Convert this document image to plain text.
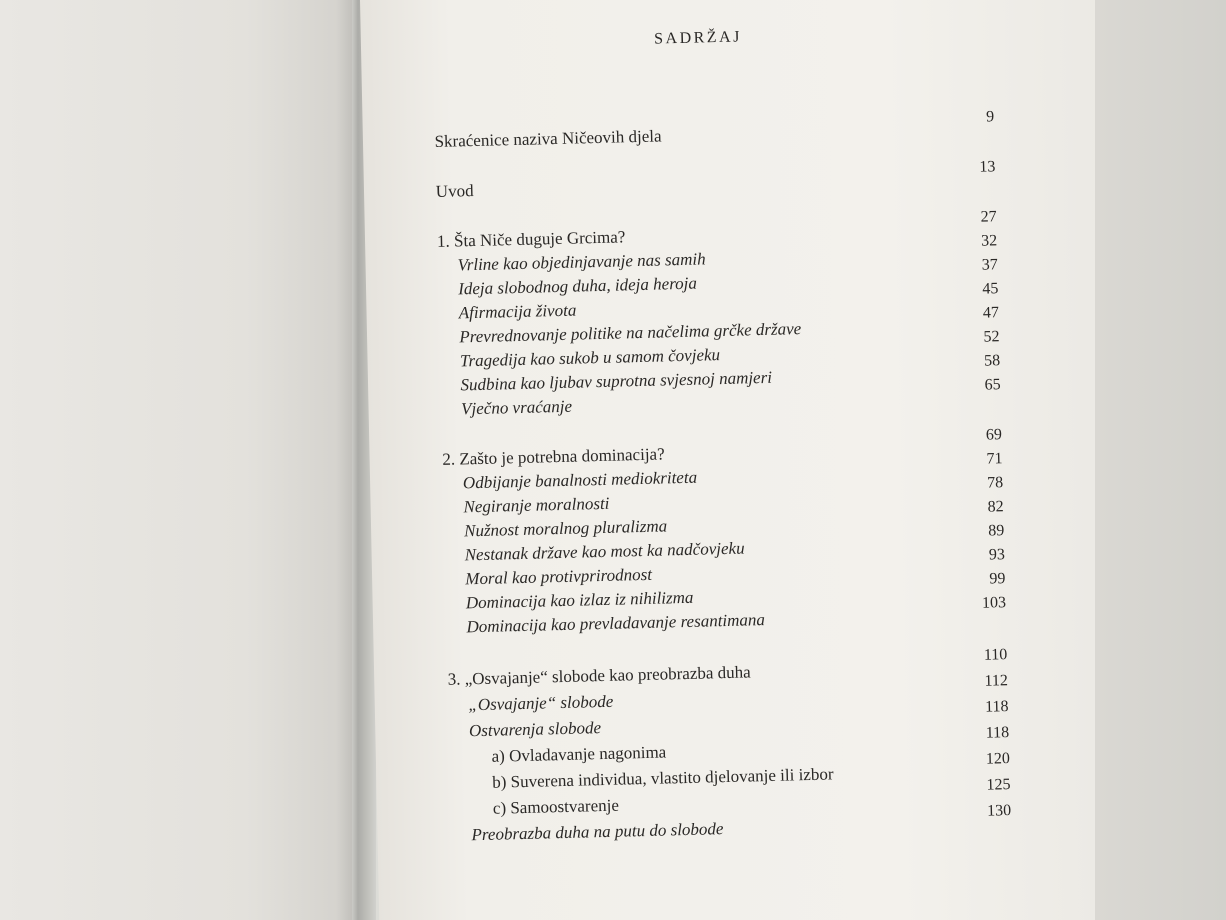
SADRŽAJ
Skraćenice naziva Ničeovih djela
9
Uvod
13
1. Šta Niče duguje Grcima?
27
Vrline kao objedinjavanje nas samih
32
Ideja slobodnog duha, ideja heroja
37
Afirmacija života
45
Prevrednovanje politike na načelima grčke države
47
Tragedija kao sukob u samom čovjeku
52
Sudbina kao ljubav suprotna svjesnoj namjeri
58
Vječno vraćanje
65
2. Zašto je potrebna dominacija?
69
Odbijanje banalnosti mediokriteta
71
Negiranje moralnosti
78
Nužnost moralnog pluralizma
82
Nestanak države kao most ka nadčovjeku
89
Moral kao protivprirodnost
93
Dominacija kao izlaz iz nihilizma
99
Dominacija kao prevladavanje resantimana
103
3. „Osvajanje“ slobode kao preobrazba duha
110
„Osvajanje“ slobode
112
Ostvarenja slobode
118
a) Ovladavanje nagonima
118
b) Suverena individua, vlastito djelovanje ili izbor
120
c) Samoostvarenje
125
Preobrazba duha na putu do slobode
130
